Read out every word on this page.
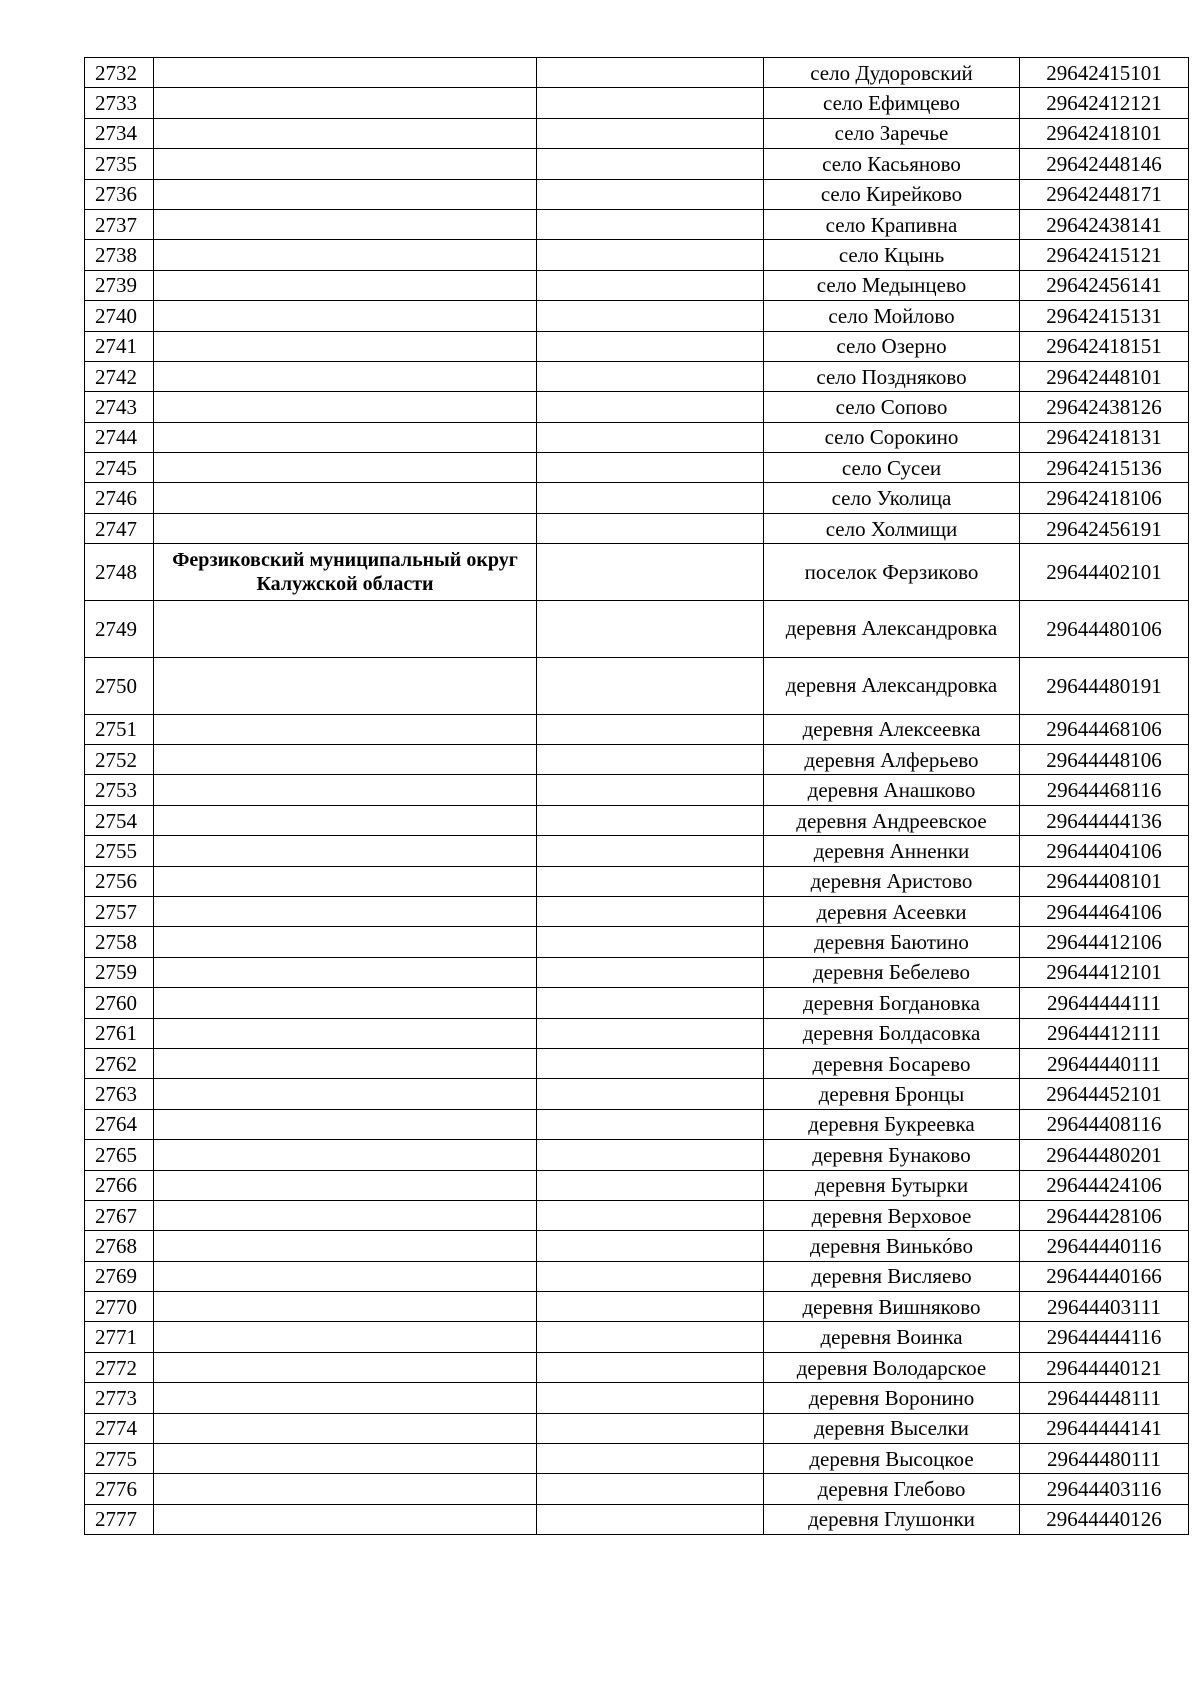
2732			село Дудоровский	29642415101
2733			село Ефимцево	29642412121
2734			село Заречье	29642418101
2735			село Касьяново	29642448146
2736			село Кирейково	29642448171
2737			село Крапивна	29642438141
2738			село Кцынь	29642415121
2739			село Медынцево	29642456141
2740			село Мойлово	29642415131
2741			село Озерно	29642418151
2742			село Поздняково	29642448101
2743			село Сопово	29642438126
2744			село Сорокино	29642418131
2745			село Сусеи	29642415136
2746			село Уколица	29642418106
2747			село Холмищи	29642456191
2748	Ферзиковский муниципальный округ Калужской области		поселок Ферзиково	29644402101
2749			деревня Александровка	29644480106
2750			деревня Александровка	29644480191
2751			деревня Алексеевка	29644468106
2752			деревня Алферьево	29644448106
2753			деревня Анашково	29644468116
2754			деревня Андреевское	29644444136
2755			деревня Анненки	29644404106
2756			деревня Аристово	29644408101
2757			деревня Асеевки	29644464106
2758			деревня Баютино	29644412106
2759			деревня Бебелево	29644412101
2760			деревня Богдановка	29644444111
2761			деревня Болдасовка	29644412111
2762			деревня Босарево	29644440111
2763			деревня Бронцы	29644452101
2764			деревня Букреевка	29644408116
2765			деревня Бунаково	29644480201
2766			деревня Бутырки	29644424106
2767			деревня Верховое	29644428106
2768			деревня Винькóво	29644440116
2769			деревня Висляево	29644440166
2770			деревня Вишняково	29644403111
2771			деревня Воинка	29644444116
2772			деревня Володарское	29644440121
2773			деревня Воронино	29644448111
2774			деревня Выселки	29644444141
2775			деревня Высоцкое	29644480111
2776			деревня Глебово	29644403116
2777			деревня Глушонки	29644440126
